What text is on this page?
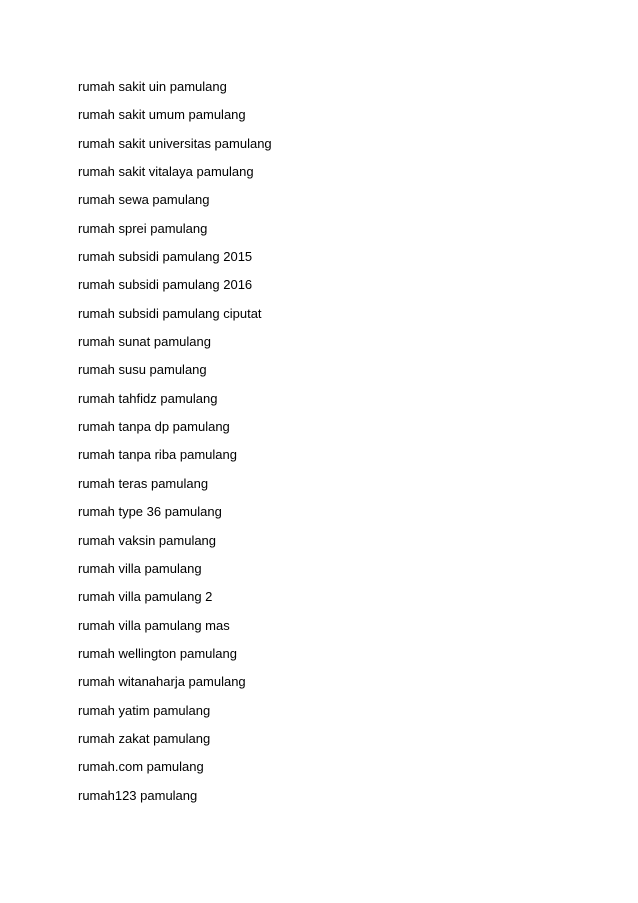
rumah sakit uin pamulang
rumah sakit umum pamulang
rumah sakit universitas pamulang
rumah sakit vitalaya pamulang
rumah sewa pamulang
rumah sprei pamulang
rumah subsidi pamulang 2015
rumah subsidi pamulang 2016
rumah subsidi pamulang ciputat
rumah sunat pamulang
rumah susu pamulang
rumah tahfidz pamulang
rumah tanpa dp pamulang
rumah tanpa riba pamulang
rumah teras pamulang
rumah type 36 pamulang
rumah vaksin pamulang
rumah villa pamulang
rumah villa pamulang 2
rumah villa pamulang mas
rumah wellington pamulang
rumah witanaharja pamulang
rumah yatim pamulang
rumah zakat pamulang
rumah.com pamulang
rumah123 pamulang
